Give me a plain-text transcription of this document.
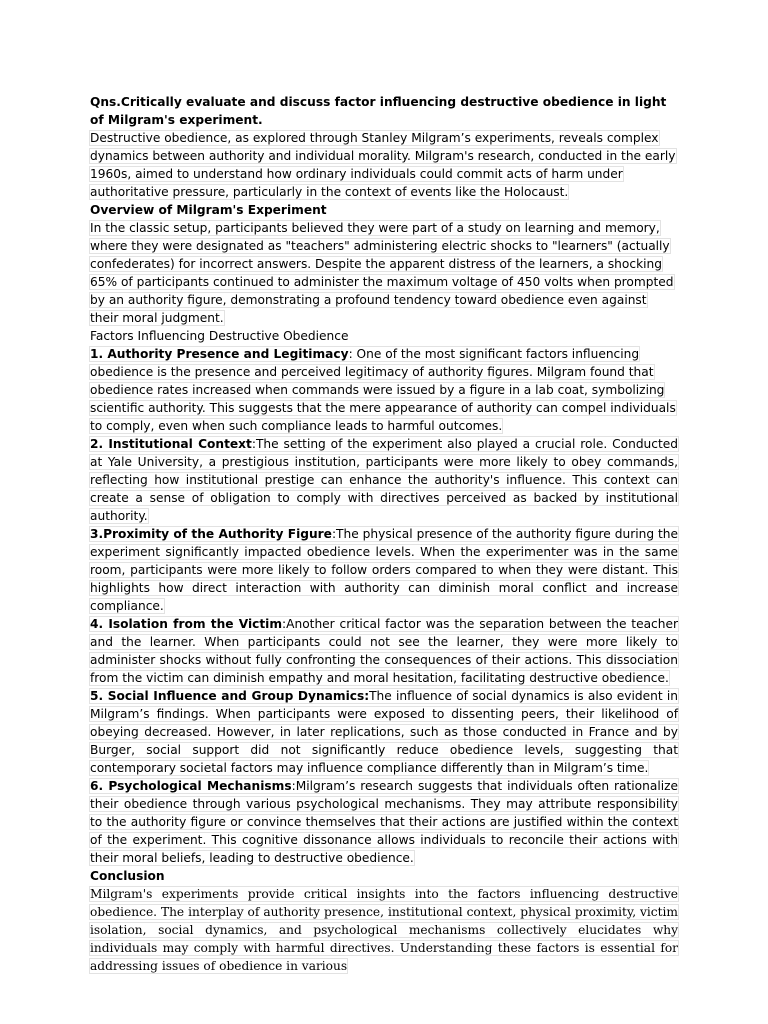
Qns.Critically evaluate and discuss factor influencing destructive obedience in light of Milgram's experiment.

Destructive obedience, as explored through Stanley Milgram’s experiments, reveals complex dynamics between authority and individual morality. Milgram's research, conducted in the early 1960s, aimed to understand how ordinary individuals could commit acts of harm under authoritative pressure, particularly in the context of events like the Holocaust.

Overview of Milgram's Experiment

In the classic setup, participants believed they were part of a study on learning and memory, where they were designated as "teachers" administering electric shocks to "learners" (actually confederates) for incorrect answers. Despite the apparent distress of the learners, a shocking 65% of participants continued to administer the maximum voltage of 450 volts when prompted by an authority figure, demonstrating a profound tendency toward obedience even against their moral judgment.

Factors Influencing Destructive Obedience

1. Authority Presence and Legitimacy: One of the most significant factors influencing obedience is the presence and perceived legitimacy of authority figures. Milgram found that obedience rates increased when commands were issued by a figure in a lab coat, symbolizing scientific authority. This suggests that the mere appearance of authority can compel individuals to comply, even when such compliance leads to harmful outcomes.

2. Institutional Context:The setting of the experiment also played a crucial role. Conducted at Yale University, a prestigious institution, participants were more likely to obey commands, reflecting how institutional prestige can enhance the authority's influence. This context can create a sense of obligation to comply with directives perceived as backed by institutional authority.

3.Proximity of the Authority Figure:The physical presence of the authority figure during the experiment significantly impacted obedience levels. When the experimenter was in the same room, participants were more likely to follow orders compared to when they were distant. This highlights how direct interaction with authority can diminish moral conflict and increase compliance.

4. Isolation from the Victim:Another critical factor was the separation between the teacher and the learner. When participants could not see the learner, they were more likely to administer shocks without fully confronting the consequences of their actions. This dissociation from the victim can diminish empathy and moral hesitation, facilitating destructive obedience.

5. Social Influence and Group Dynamics:The influence of social dynamics is also evident in Milgram’s findings. When participants were exposed to dissenting peers, their likelihood of obeying decreased. However, in later replications, such as those conducted in France and by Burger, social support did not significantly reduce obedience levels, suggesting that contemporary societal factors may influence compliance differently than in Milgram’s time.

6. Psychological Mechanisms:Milgram’s research suggests that individuals often rationalize their obedience through various psychological mechanisms. They may attribute responsibility to the authority figure or convince themselves that their actions are justified within the context of the experiment. This cognitive dissonance allows individuals to reconcile their actions with their moral beliefs, leading to destructive obedience.

Conclusion

Milgram's experiments provide critical insights into the factors influencing destructive obedience. The interplay of authority presence, institutional context, physical proximity, victim isolation, social dynamics, and psychological mechanisms collectively elucidates why individuals may comply with harmful directives. Understanding these factors is essential for addressing issues of obedience in various
